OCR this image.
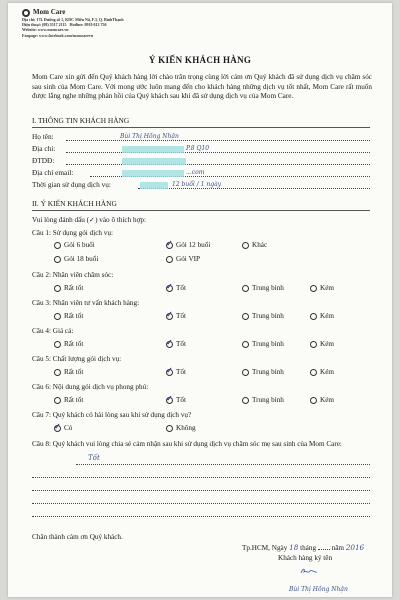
Mom Care
Địa chỉ: 17L Đường số 1, KDC Miền Nắ, F.3, Q. BìnhThạnh
Điện thoại: (08) 3517 2115 Hotline: 0919 612 756
Website: www.momcare.vn
Fanpage: www.facebook.com/momcarevn
Ý KIẾN KHÁCH HÀNG
Mom Care xin gửi đến Quý khách hàng lời chào trân trọng cùng lời cảm ơn Quý khách đã sử dụng dịch vụ chăm sóc sau sinh của Mom Care. Với mong ước luôn mang đến cho khách hàng những dịch vụ tốt nhất, Mom Care rất muốn được lắng nghe những phản hồi của Quý khách sau khi đã sử dụng dịch vụ của Mom Care.
I. THÔNG TIN KHÁCH HÀNG
Họ tên:	Bùi Thị Hồng Nhận
Địa chỉ:	P.8 Q10
ĐTDĐ:
Địa chỉ email:	...com
Thời gian sử dụng dịch vụ:	12 buổi / 1 ngày
II. Ý KIẾN KHÁCH HÀNG
Vui lòng đánh dấu (✓) vào ô thích hợp:
Câu 1: Sử dụng gói dịch vụ:
Gói 6 buổi	✓ Gói 12 buổi	Khác
Gói 18 buổi	Gói VIP
Câu 2: Nhân viên chăm sóc:
Rất tốt	✓ Tốt	Trung bình	Kém
Câu 3: Nhân viên tư vấn khách hàng:
Rất tốt	✓ Tốt	Trung bình	Kém
Câu 4: Giá cả:
Rất tốt	✓ Tốt	Trung bình	Kém
Câu 5: Chất lượng gói dịch vụ:
Rất tốt	✓ Tốt	Trung bình	Kém
Câu 6: Nội dung gói dịch vụ phong phú:
Rất tốt	✓ Tốt	Trung bình	Kém
Câu 7: Quý khách có hài lòng sau khi sử dụng dịch vụ?
✓ Có	Không
Câu 8: Quý khách vui lòng chia sẻ cảm nhận sau khi sử dụng dịch vụ chăm sóc mẹ sau sinh của Mom Care:
Tốt
Chân thành cảm ơn Quý khách.
Tp.HCM, Ngày 18 tháng năm 2016
Khách hàng ký tên
Bùi Thị Hồng Nhận
